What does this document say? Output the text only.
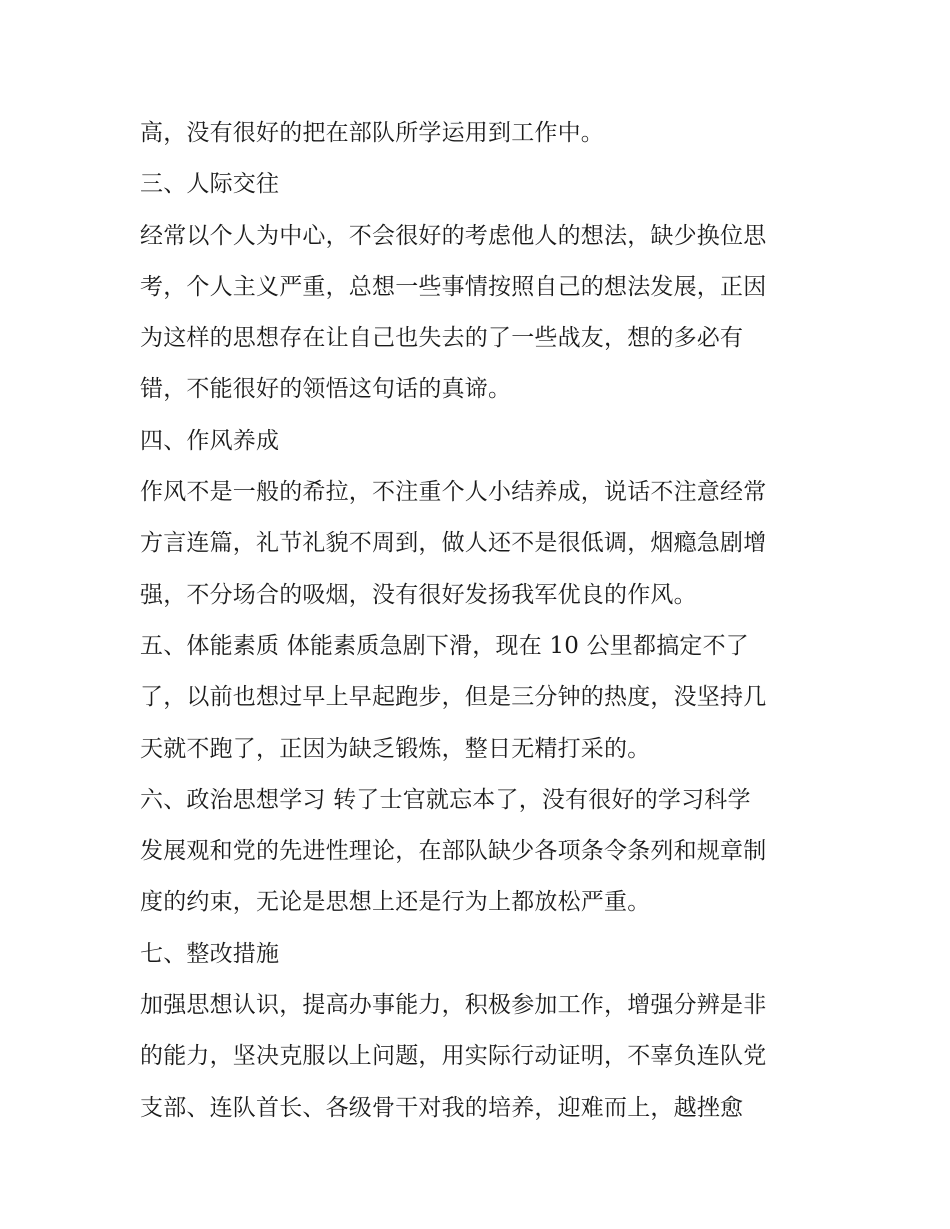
高，没有很好的把在部队所学运用到工作中。
三、人际交往
经常以个人为中心，不会很好的考虑他人的想法，缺少换位思
考，个人主义严重，总想一些事情按照自己的想法发展，正因
为这样的思想存在让自己也失去的了一些战友，想的多必有
错，不能很好的领悟这句话的真谛。
四、作风养成
作风不是一般的希拉，不注重个人小结养成，说话不注意经常
方言连篇，礼节礼貌不周到，做人还不是很低调，烟瘾急剧增
强，不分场合的吸烟，没有很好发扬我军优良的作风。
五、体能素质 体能素质急剧下滑，现在 10 公里都搞定不了
了，以前也想过早上早起跑步，但是三分钟的热度，没坚持几
天就不跑了，正因为缺乏锻炼，整日无精打采的。
六、政治思想学习 转了士官就忘本了，没有很好的学习科学
发展观和党的先进性理论，在部队缺少各项条令条列和规章制
度的约束，无论是思想上还是行为上都放松严重。
七、整改措施
加强思想认识，提高办事能力，积极参加工作，增强分辨是非
的能力，坚决克服以上问题，用实际行动证明，不辜负连队党
支部、连队首长、各级骨干对我的培养，迎难而上，越挫愈
